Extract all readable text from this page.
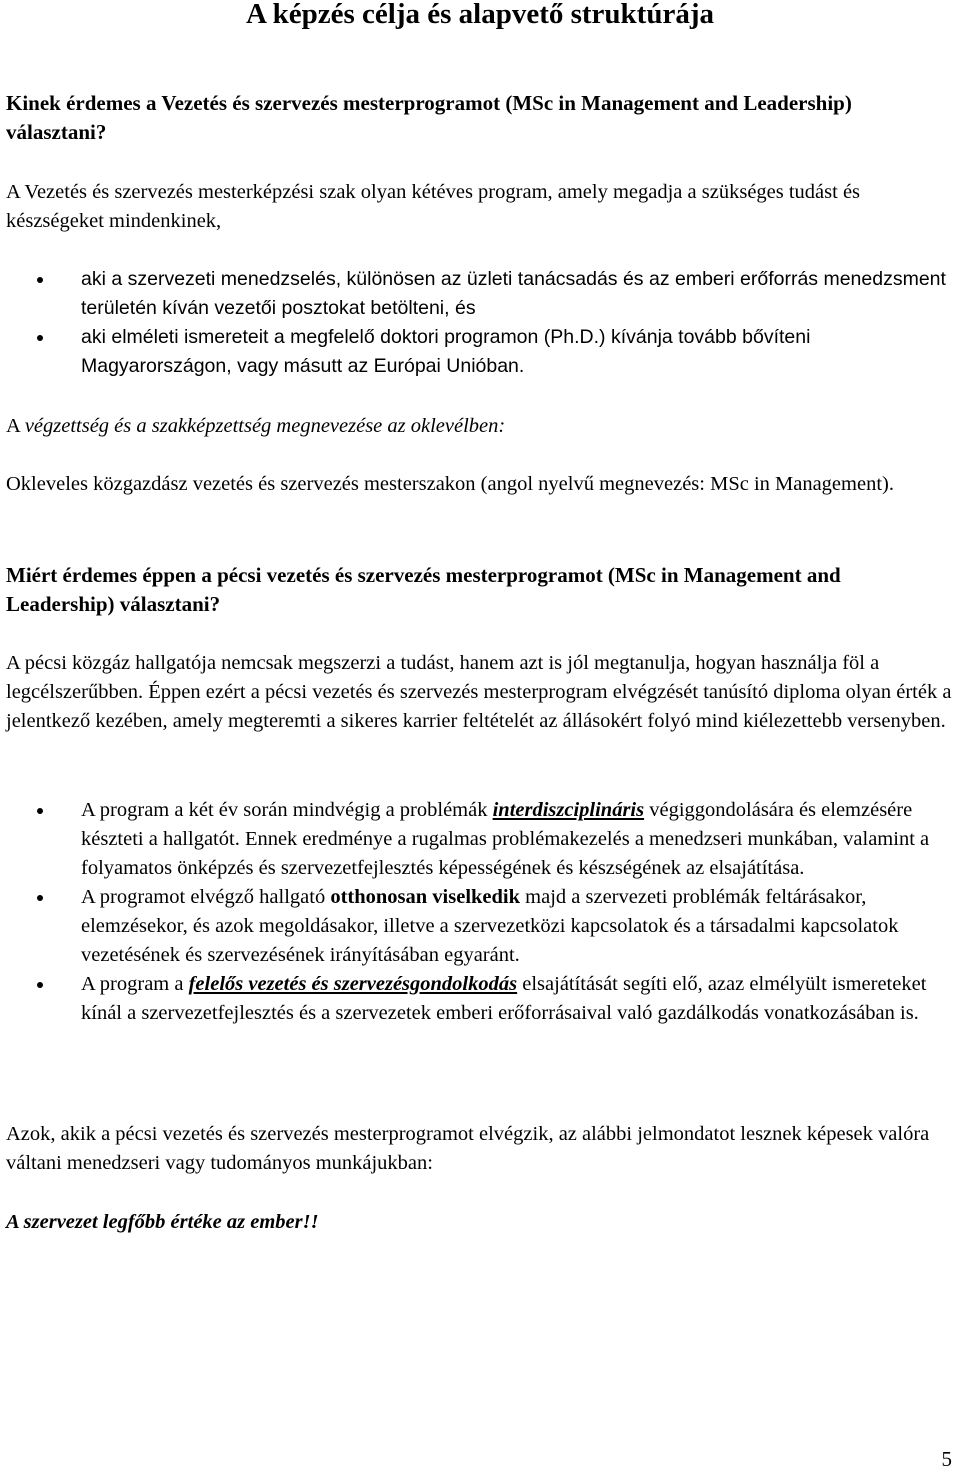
A képzés célja és alapvető struktúrája

Kinek érdemes a Vezetés és szervezés mesterprogramot (MSc in Management and Leadership) választani?

A Vezetés és szervezés mesterképzési szak olyan kétéves program, amely megadja a szükséges tudást és készségeket mindenkinek,

aki a szervezeti menedzselés, különösen az üzleti tanácsadás és az emberi erőforrás menedzsment területén kíván vezetői posztokat betölteni, és
aki elméleti ismereteit a megfelelő doktori programon (Ph.D.) kívánja tovább bővíteni Magyarországon, vagy másutt az Európai Unióban.

A végzettség és a szakképzettség megnevezése az oklevélben:

Okleveles közgazdász vezetés és szervezés mesterszakon (angol nyelvű megnevezés: MSc in Management).

Miért érdemes éppen a pécsi vezetés és szervezés mesterprogramot (MSc in Management and Leadership) választani?

A pécsi közgáz hallgatója nemcsak megszerzi a tudást, hanem azt is jól megtanulja, hogyan használja föl a legcélszerűbben. Éppen ezért a pécsi vezetés és szervezés mesterprogram elvégzését tanúsító diploma olyan érték a jelentkező kezében, amely megteremti a sikeres karrier feltételét az állásokért folyó mind kiélezettebb versenyben.

A program a két év során mindvégig a problémák interdiszciplináris végiggondolására és elemzésére készteti a hallgatót. Ennek eredménye a rugalmas problémakezelés a menedzseri munkában, valamint a folyamatos önképzés és szervezetfejlesztés képességének és készségének az elsajátítása.
A programot elvégző hallgató otthonosan viselkedik majd a szervezeti problémák feltárásakor, elemzésekor, és azok megoldásakor, illetve a szervezetközi kapcsolatok és a társadalmi kapcsolatok vezetésének és szervezésének irányításában egyaránt.
A program a felelős vezetés és szervezésgondolkodás elsajátítását segíti elő, azaz elmélyült ismereteket kínál a szervezetfejlesztés és a szervezetek emberi erőforrásaival való gazdálkodás vonatkozásában is.

Azok, akik a pécsi vezetés és szervezés mesterprogramot elvégzik, az alábbi jelmondatot lesznek képesek valóra váltani menedzseri vagy tudományos munkájukban:

A szervezet legfőbb értéke az ember!!

5
